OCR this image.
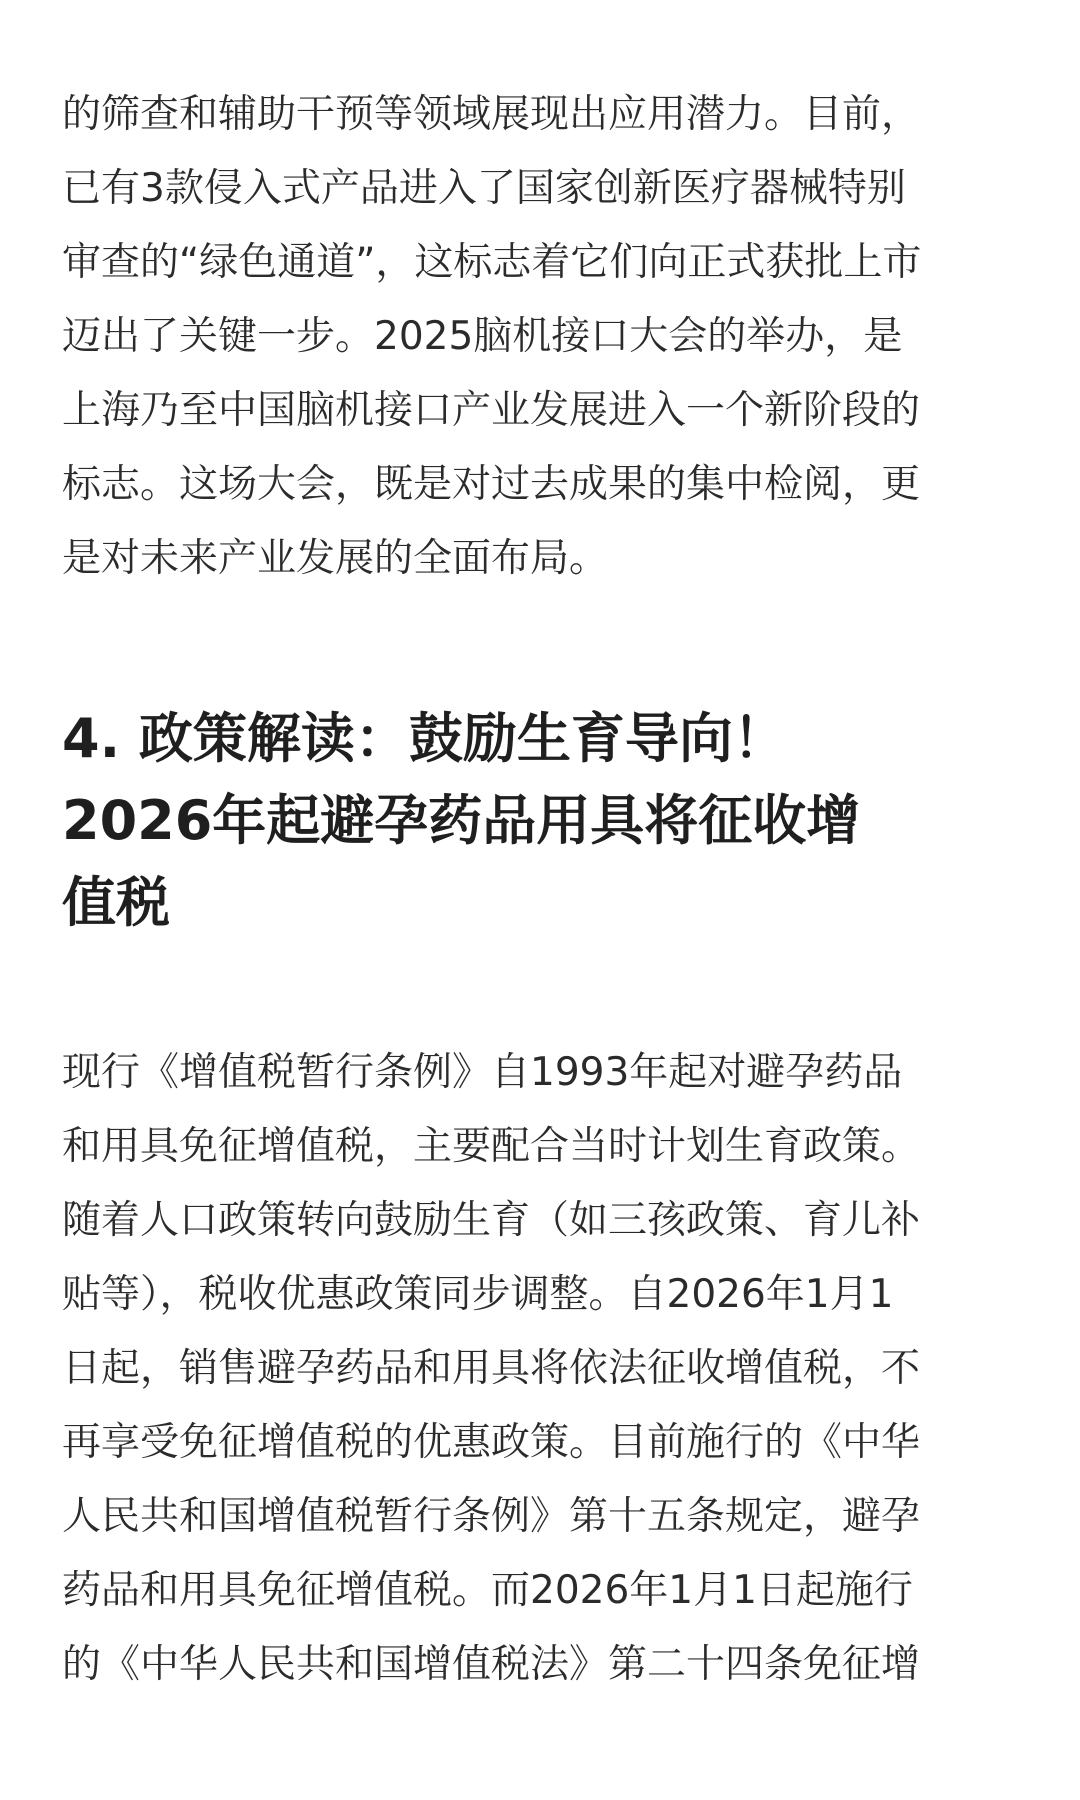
的筛查和辅助干预等领域展现出应用潜力。目前，
已有3款侵入式产品进入了国家创新医疗器械特别
审查的“绿色通道”，这标志着它们向正式获批上市
迈出了关键一步。2025脑机接口大会的举办，是
上海乃至中国脑机接口产业发展进入一个新阶段的
标志。这场大会，既是对过去成果的集中检阅，更
是对未来产业发展的全面布局。

4. 政策解读：鼓励生育导向！
2026年起避孕药品用具将征收增
值税

现行《增值税暂行条例》自1993年起对避孕药品
和用具免征增值税，主要配合当时计划生育政策。
随着人口政策转向鼓励生育（如三孩政策、育儿补
贴等），税收优惠政策同步调整。自2026年1月1
日起，销售避孕药品和用具将依法征收增值税，不
再享受免征增值税的优惠政策。目前施行的《中华
人民共和国增值税暂行条例》第十五条规定，避孕
药品和用具免征增值税。而2026年1月1日起施行
的《中华人民共和国增值税法》第二十四条免征增
